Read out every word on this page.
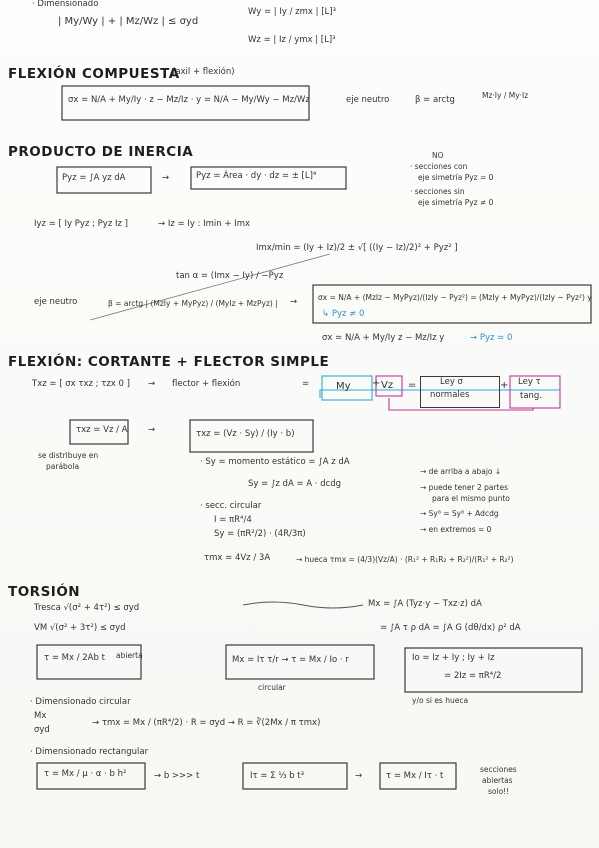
· Dimensionado
| My/Wy | + | Mz/Wz | ≤ σyd
Wy = | Iy / zmx | [L]³
Wz = | Iz / ymx | [L]³
FLEXIÓN COMPUESTA
(axil + flexión)
σx = N/A + My/Iy · z − Mz/Iz · y = N/A − My/Wy − Mz/Wz	eje neutro	β = arctg	Mz·Iy / My·Iz
PRODUCTO DE INERCIA
Pyz = ∫A yz dA	→	Pyz = Área · dy · dz = ± [L]⁴
NO
· secciones con
eje simetría Pyz = 0
· secciones sin
eje simetría Pyz ≠ 0
Iyz = [ Iy Pyz ; Pyz Iz ]	→ Iz = Iy : Imin + Imx
Imx/min = (Iy + Iz)/2 ± √[ ((Iy − Iz)/2)² + Pyz² ]
tan α = (Imx − Iy) / −Pyz
eje neutro	β = arctg | (MzIy + MyPyz) / (MyIz + MzPyz) | →	σx = N/A + (MzIz − MyPyz)/(IzIy − Pyz²) = (MzIy + MyPyz)/(IzIy − Pyz²) y
↳ Pyz ≠ 0
σx = N/A + My/Iy z − Mz/Iz y	→ Pyz = 0
FLEXIÓN: CORTANTE + FLECTOR SIMPLE
Txz = [ σx τxz ; τzx 0 ] → flector + flexión	=	My + Vz =	Ley σ
normales
+ Ley τ
tang.
τxz = Vz / A →	τxz = (Vz · Sy) / (Iy · b)
se distribuye en
parábola	· Sy = momento estático = ∫A z dA
Sy = ∫z dA = A · dcdg
→ de arriba a abajo ↓
→ puede tener 2 partes
para el mismo punto
→ Sy⁸ = Sy⁶ + Adcdg
→ en extremos = 0
· secc. circular
I = πR⁴/4
Sy = (πR²/2) · (4R/3π)
τmx = 4Vz / 3A	→ hueca τmx = (4/3)(Vz/A) · (R₁² + R₁R₂ + R₂²)/(R₁² + R₂²)
TORSIÓN
Tresca √(σ² + 4τ²) ≤ σyd
VM √(σ² + 3τ²) ≤ σyd
τ = Mx / 2Ab t abierta
Mx = ∫A (Tyz·y − Txz·z) dA
= ∫A τ ρ dA = ∫A G (dθ/dx) ρ² dA
Mx = Iτ τ/r → τ = Mx / Io · r
circular
Io = Iz + Iy ; Iy + Iz
= 2Iz = πR⁴/2
y/o si es hueca
· Dimensionado circular
Mx
σyd
→ τmx = Mx / (πR⁴/2) · R = σyd → R = ∛(2Mx / π τmx)
· Dimensionado rectangular
τ = Mx / μ · α · b h²	→ b >>> t	Iτ = Σ ⅓ b t³	→	τ = Mx / Iτ · t
secciones
abiertas
solo!!
